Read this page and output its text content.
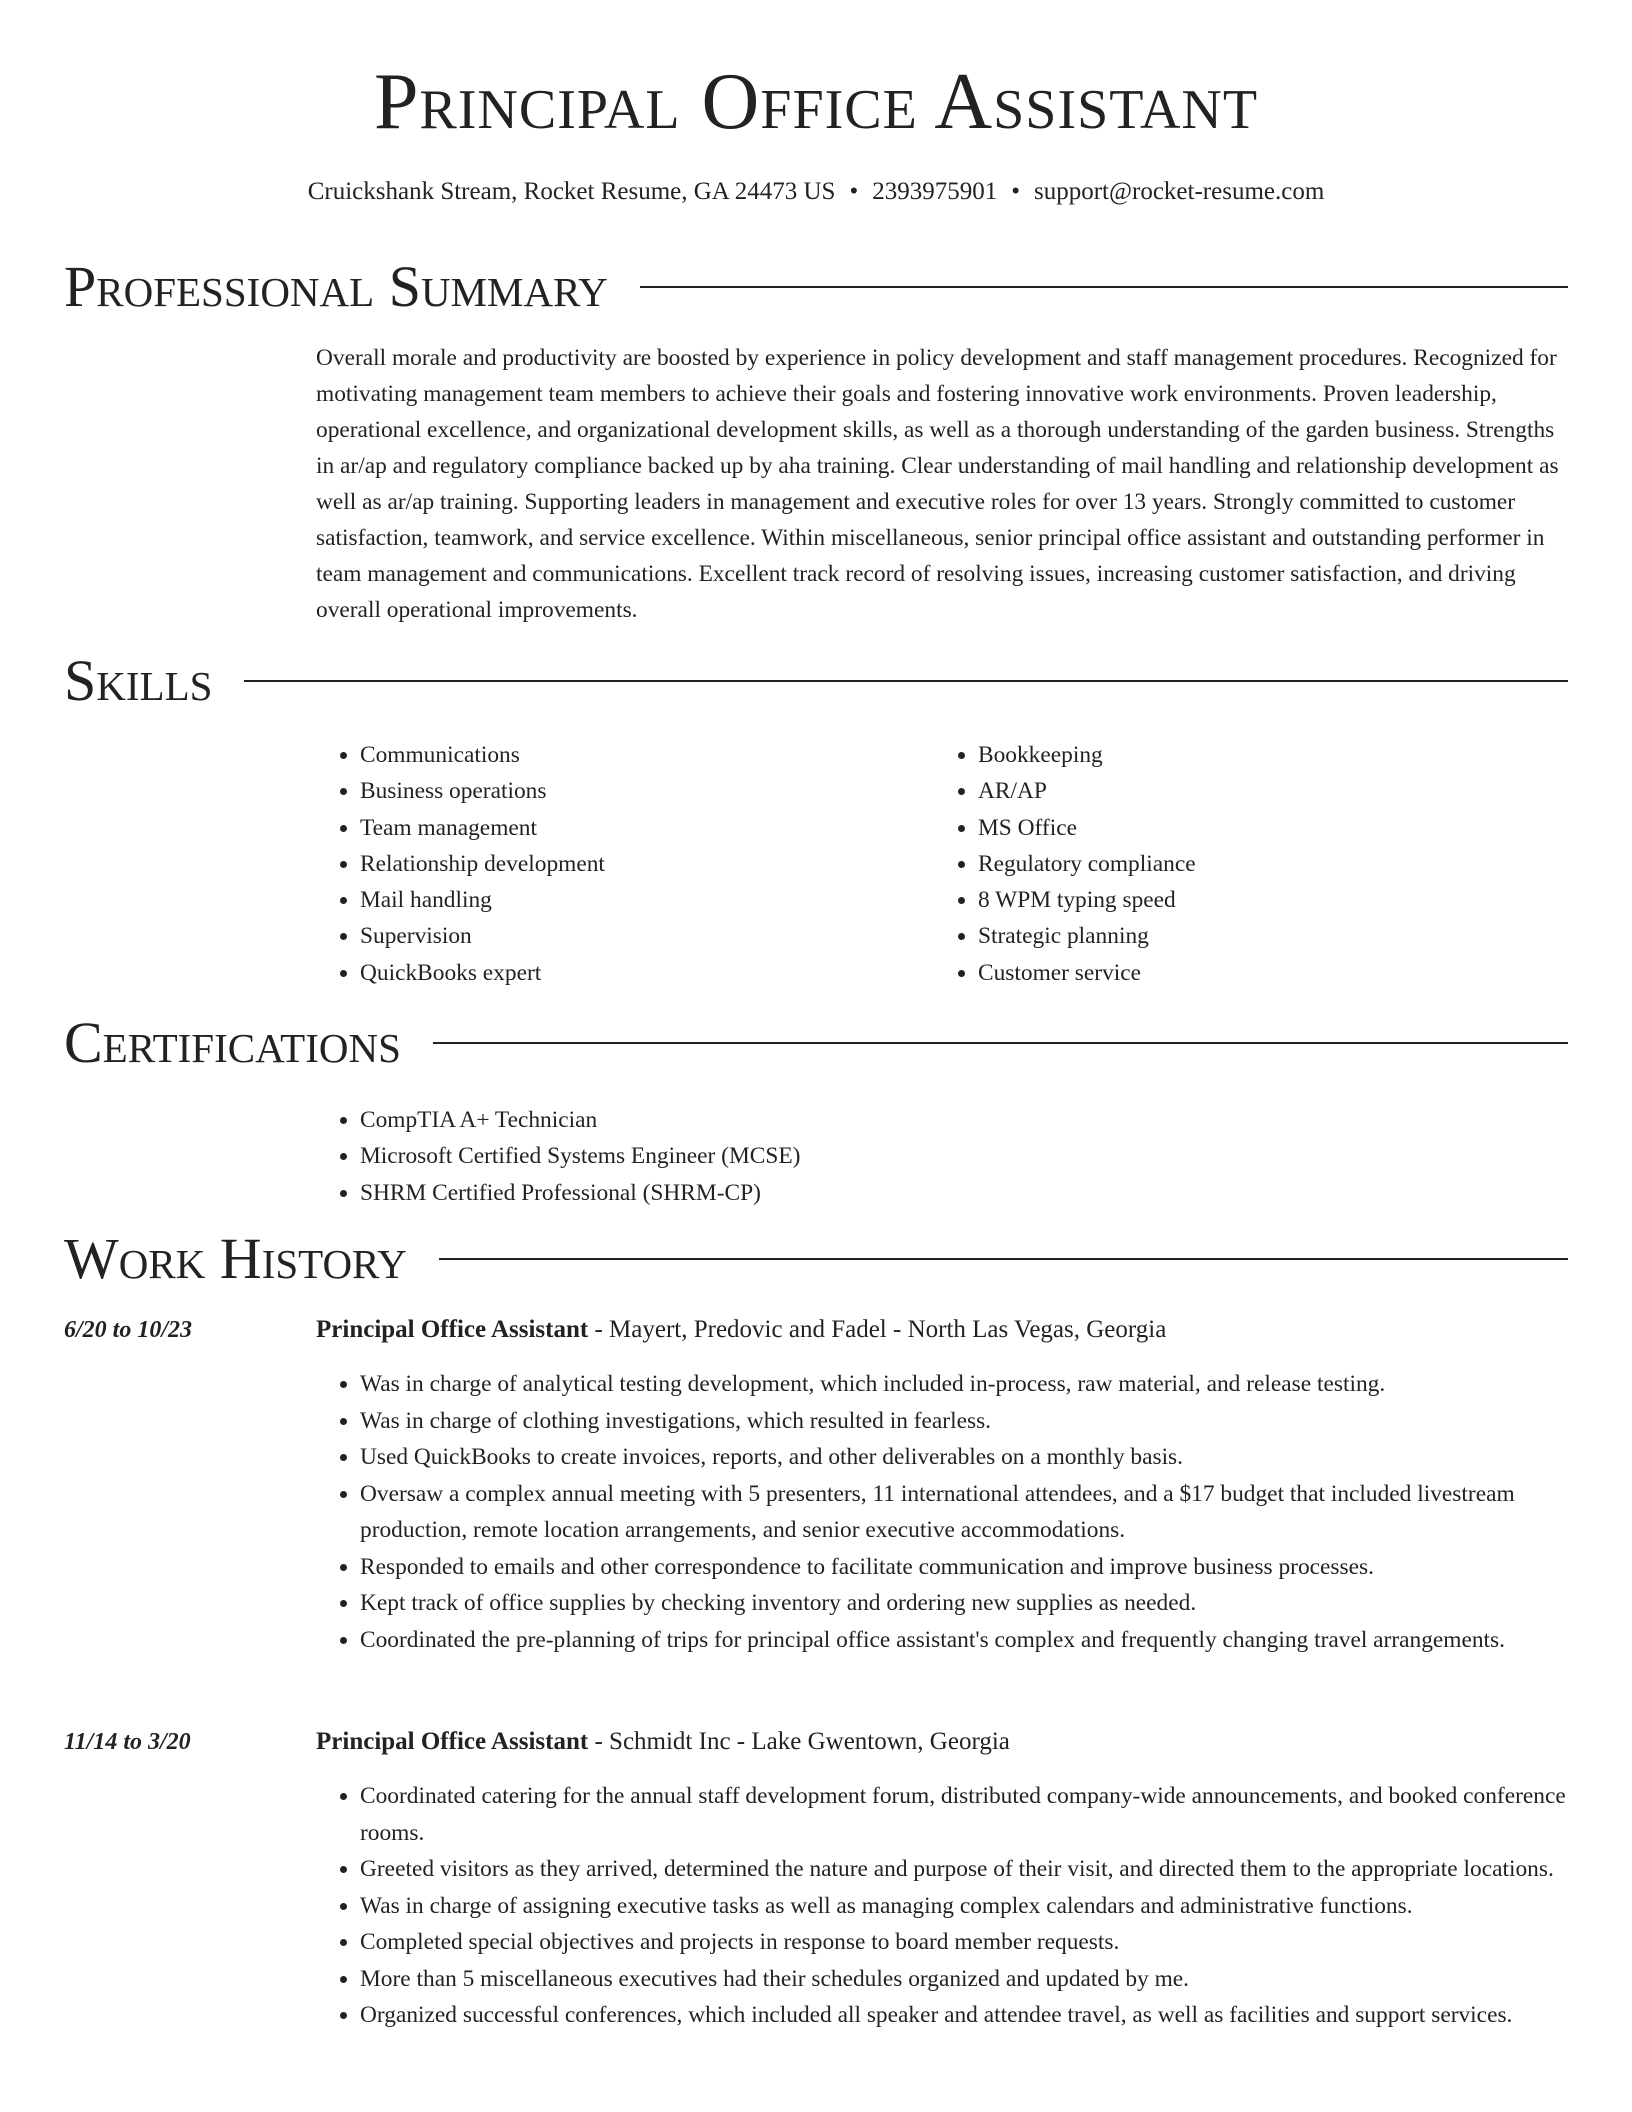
Principal Office Assistant
Cruickshank Stream, Rocket Resume, GA 24473 US • 2393975901 • support@rocket-resume.com
Professional Summary

Overall morale and productivity are boosted by experience in policy development and staff management procedures. Recognized for motivating management team members to achieve their goals and fostering innovative work environments. Proven leadership, operational excellence, and organizational development skills, as well as a thorough understanding of the garden business. Strengths in ar/ap and regulatory compliance backed up by aha training. Clear understanding of mail handling and relationship development as well as ar/ap training. Supporting leaders in management and executive roles for over 13 years. Strongly committed to customer satisfaction, teamwork, and service excellence. Within miscellaneous, senior principal office assistant and outstanding performer in team management and communications. Excellent track record of resolving issues, increasing customer satisfaction, and driving overall operational improvements.

Skills
• Communications
• Business operations
• Team management
• Relationship development
• Mail handling
• Supervision
• QuickBooks expert
• Bookkeeping
• AR/AP
• MS Office
• Regulatory compliance
• 8 WPM typing speed
• Strategic planning
• Customer service
Certifications
• CompTIA A+ Technician
• Microsoft Certified Systems Engineer (MCSE)
• SHRM Certified Professional (SHRM-CP)
Work History
6/20 to 10/23	Principal Office Assistant - Mayert, Predovic and Fadel - North Las Vegas, Georgia
• Was in charge of analytical testing development, which included in-process, raw material, and release testing.
• Was in charge of clothing investigations, which resulted in fearless.
• Used QuickBooks to create invoices, reports, and other deliverables on a monthly basis.
• Oversaw a complex annual meeting with 5 presenters, 11 international attendees, and a $17 budget that included livestream production, remote location arrangements, and senior executive accommodations.
• Responded to emails and other correspondence to facilitate communication and improve business processes.
• Kept track of office supplies by checking inventory and ordering new supplies as needed.
• Coordinated the pre-planning of trips for principal office assistant's complex and frequently changing travel arrangements.
11/14 to 3/20	Principal Office Assistant - Schmidt Inc - Lake Gwentown, Georgia
• Coordinated catering for the annual staff development forum, distributed company-wide announcements, and booked conference rooms.
• Greeted visitors as they arrived, determined the nature and purpose of their visit, and directed them to the appropriate locations.
• Was in charge of assigning executive tasks as well as managing complex calendars and administrative functions.
• Completed special objectives and projects in response to board member requests.
• More than 5 miscellaneous executives had their schedules organized and updated by me.
• Organized successful conferences, which included all speaker and attendee travel, as well as facilities and support services.
